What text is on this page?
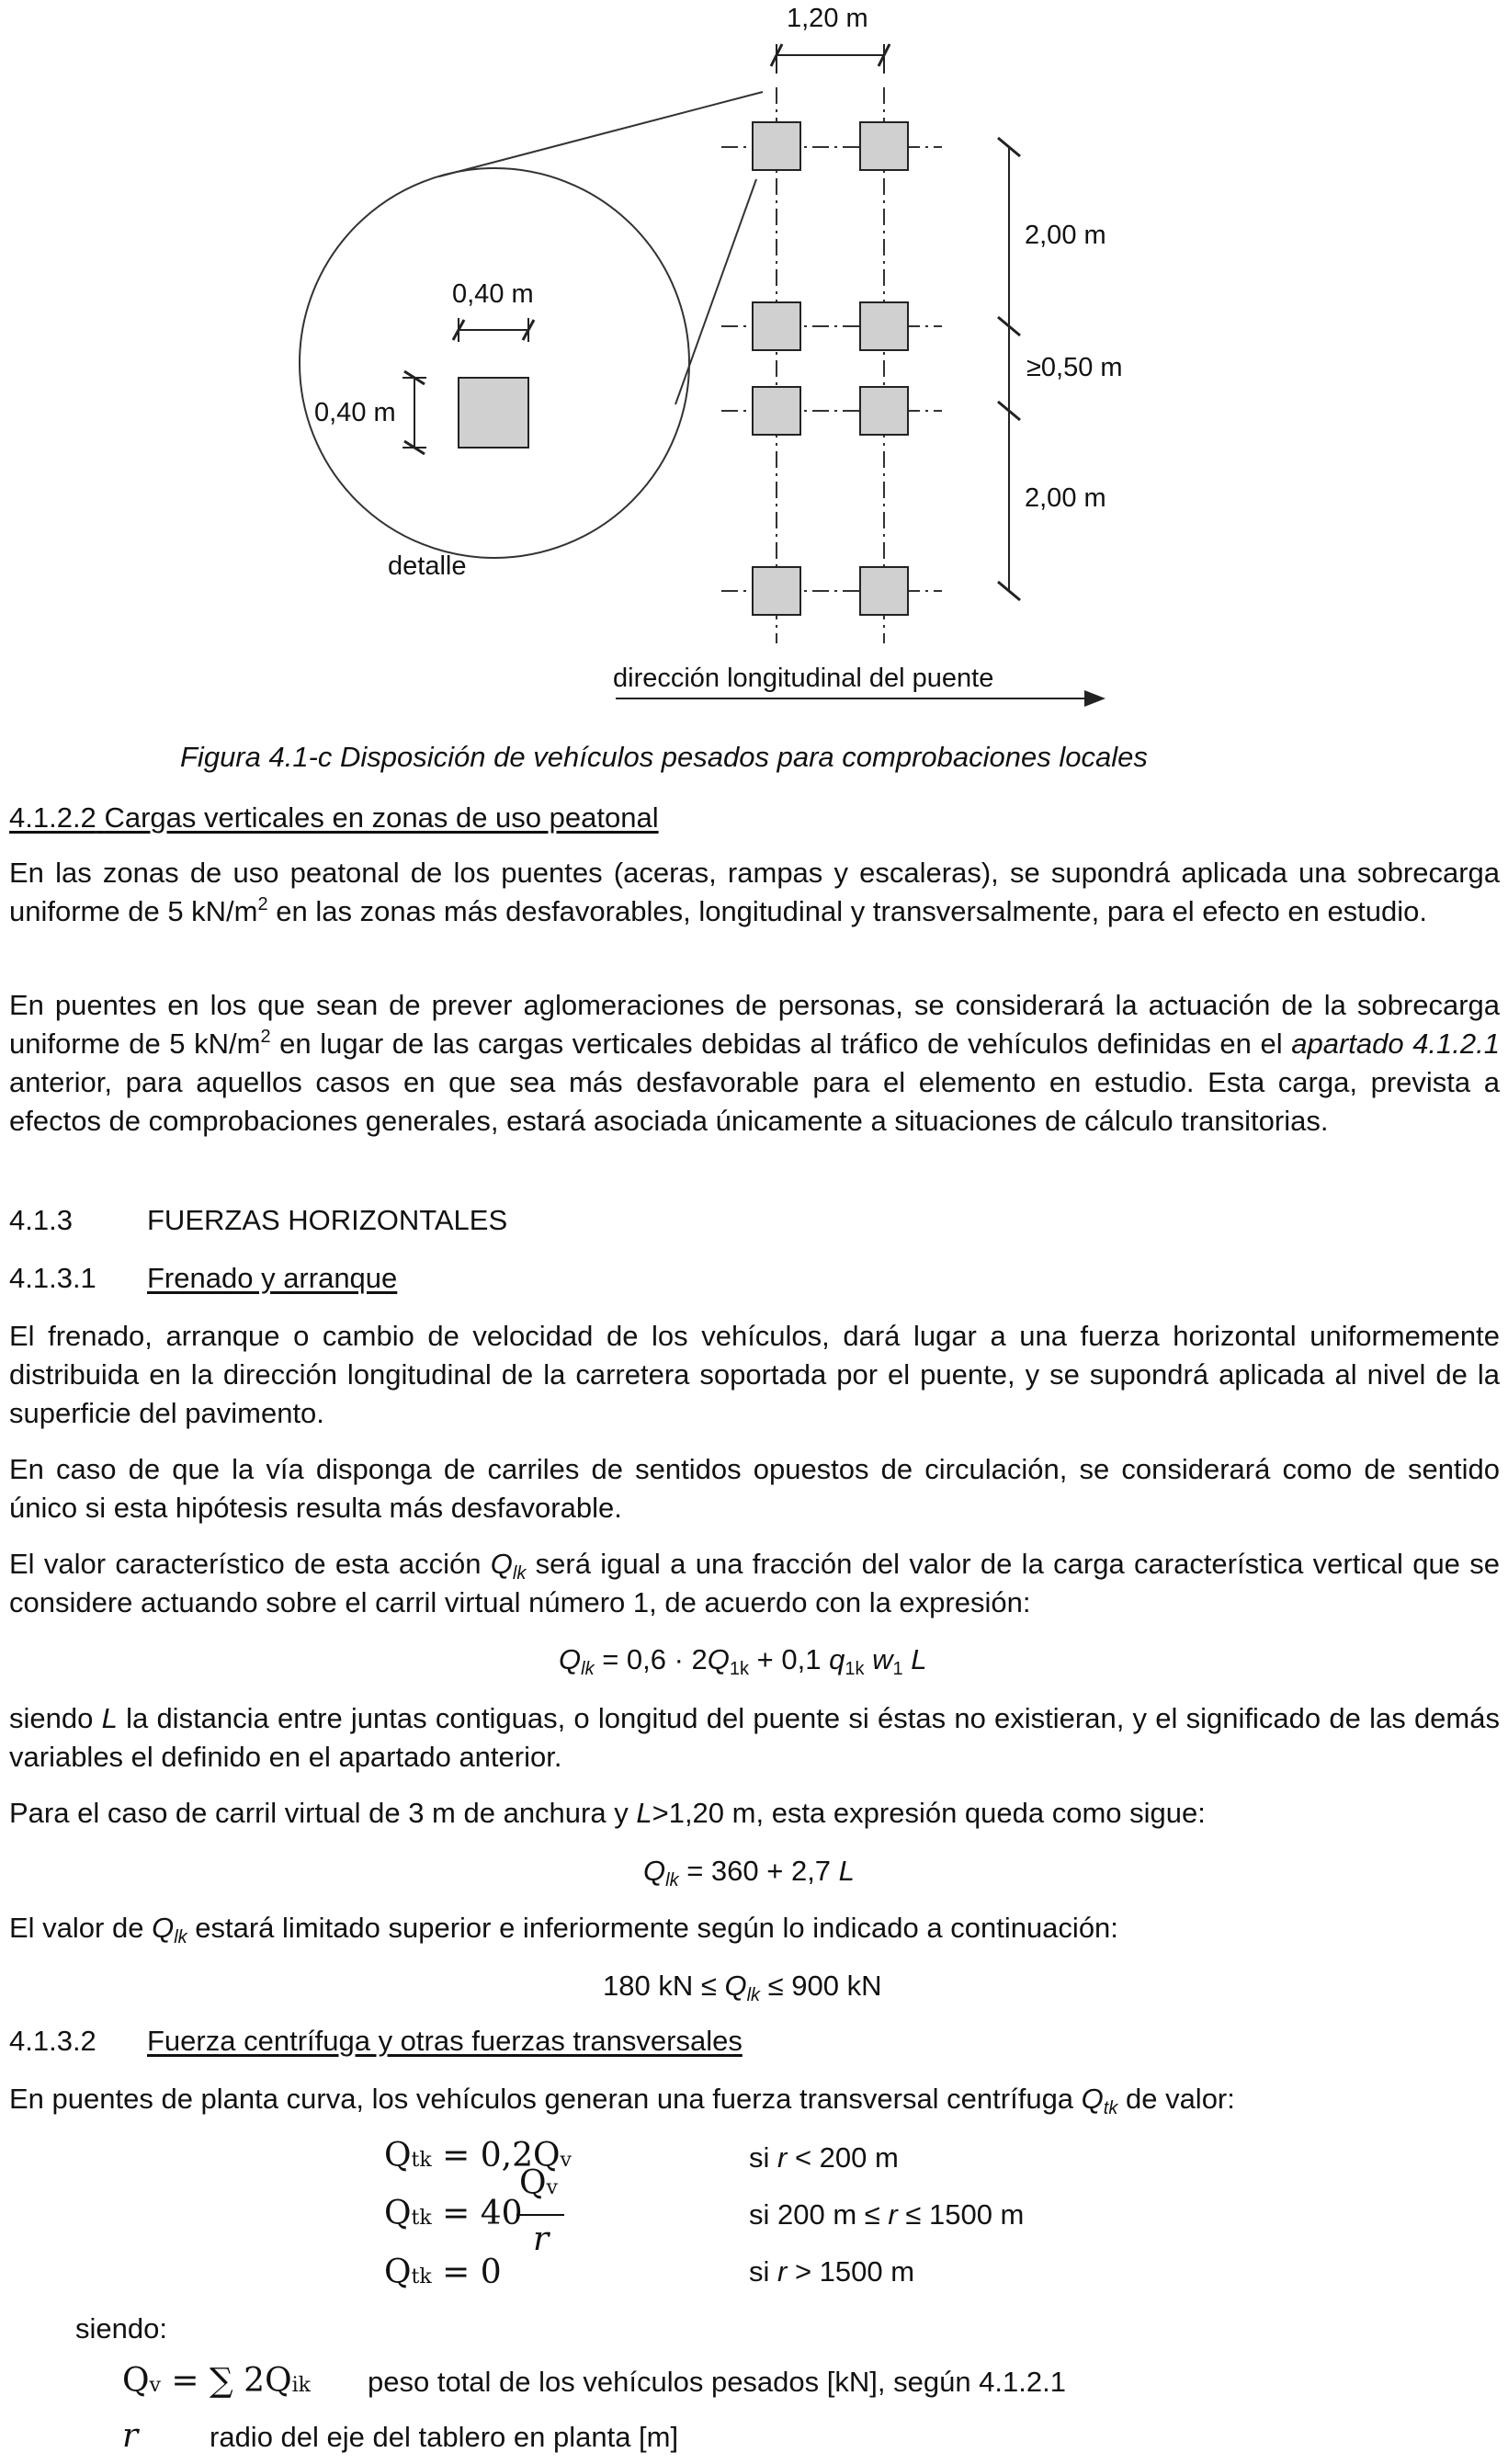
1,20 m
2,00 m
≥0,50 m
2,00 m
0,40 m
0,40 m
detalle
dirección longitudinal del puente
Figura 4.1-c Disposición de vehículos pesados para comprobaciones locales
4.1.2.2 Cargas verticales en zonas de uso peatonal

En las zonas de uso peatonal de los puentes (aceras, rampas y escaleras), se supondrá aplicada una sobrecarga uniforme de 5 $kN/m^2$ en las zonas más desfavorables, longitudinal y transversalmente, para el efecto en estudio.

En puentes en los que sean de prever aglomeraciones de personas, se considerará la actuación de la sobrecarga uniforme de 5 $kN/m^2$ en lugar de las cargas verticales debidas al tráfico de vehículos definidas en el apartado 4.1.2.1 anterior, para aquellos casos en que sea más desfavorable para el elemento en estudio. Esta carga, prevista a efectos de comprobaciones generales, estará asociada únicamente a situaciones de cálculo transitorias.

4.1.3	FUERZAS HORIZONTALES
4.1.3.1 Frenado y arranque

El frenado, arranque o cambio de velocidad de los vehículos, dará lugar a una fuerza horizontal uniformemente distribuida en la dirección longitudinal de la carretera soportada por el puente, y se supondrá aplicada al nivel de la superficie del pavimento.

En caso de que la vía disponga de carriles de sentidos opuestos de circulación, se considerará como de sentido único si esta hipótesis resulta más desfavorable.

El valor característico de esta acción $Q_{lk}$ será igual a una fracción del valor de la carga característica vertical que se considere actuando sobre el carril virtual número 1, de acuerdo con la expresión:

$Q_{lk} = 0,6 \cdot 2Q_{1k} + 0,1$ $q_{1k}$ $w_1$ L

siendo L la distancia entre juntas contiguas, o longitud del puente si éstas no existieran, y el significado de las demás variables el definido en el apartado anterior.

Para el caso de carril virtual de 3 m de anchura y L>1,20 m, esta expresión queda como sigue:

$Q_{lk} = 360 + 2,7$ L

El valor de $Q_{lk}$ estará limitado superior e inferiormente según lo indicado a continuación:

180 kN ≤ $Q_{lk} \le 900$ kN
4.1.3.2 Fuerza centrífuga y otras fuerzas transversales

En puentes de planta curva, los vehículos generan una fuerza transversal centrífuga $Q_{tk}$ de valor:

Qtk = 0,2Qv
Qtk = 40
Qv
r
Qtk = 0
si r < 200 m
si 200 m ≤ r ≤ 1500 m
si r > 1500 m
siendo:
Qv = ∑ 2Qik peso total de los vehículos pesados [kN], según 4.1.2.1
r	radio del eje del tablero en planta [m]
